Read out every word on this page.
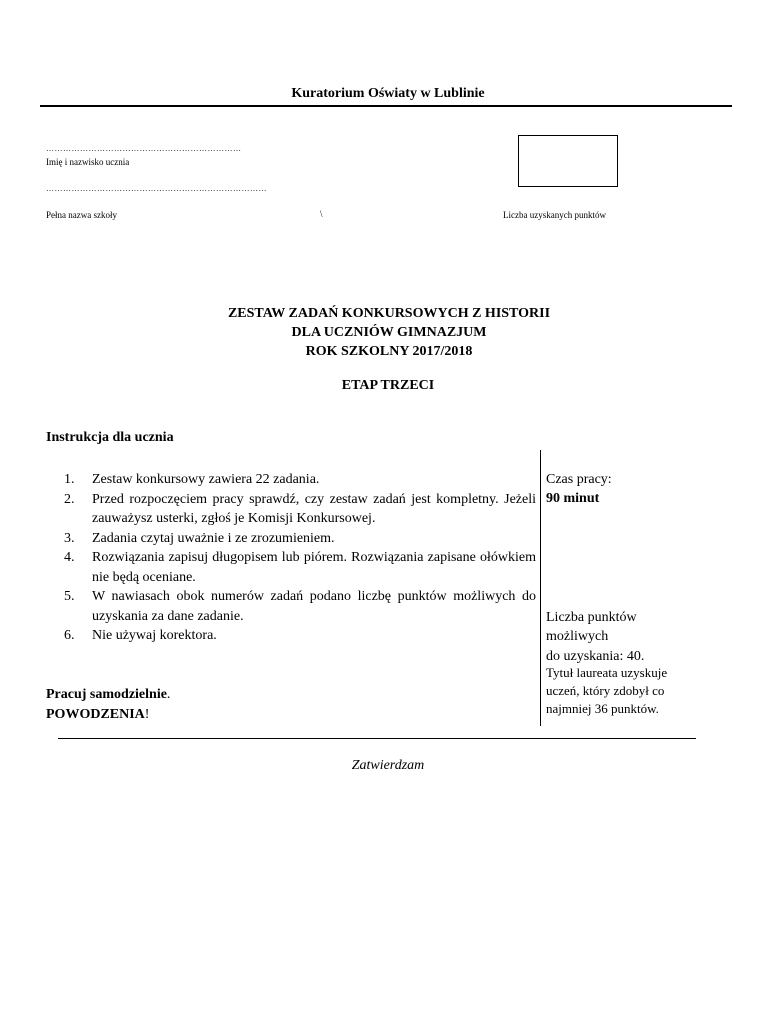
Kuratorium Oświaty w Lublinie
……………………………………………………………
Imię i nazwisko ucznia
……………………………………………………………………
Pełna nazwa szkoły	\	Liczba uzyskanych punktów
ZESTAW ZADAŃ KONKURSOWYCH Z HISTORII
DLA UCZNIÓW GIMNAZJUM
ROK SZKOLNY 2017/2018
ETAP TRZECI
Instrukcja dla ucznia
1. Zestaw konkursowy zawiera 22 zadania.
2. Przed rozpoczęciem pracy sprawdź, czy zestaw zadań jest kompletny. Jeżeli zauważysz usterki, zgłoś je Komisji Konkursowej.
3. Zadania czytaj uważnie i ze zrozumieniem.
4. Rozwiązania zapisuj długopisem lub piórem. Rozwiązania zapisane ołówkiem nie będą oceniane.
5. W nawiasach obok numerów zadań podano liczbę punktów możliwych do uzyskania za dane zadanie.
6. Nie używaj korektora.
Czas pracy:
90 minut
Liczba punktów
możliwych
do uzyskania: 40.
Tytuł laureata uzyskuje
uczeń, który zdobył co
najmniej 36 punktów.
Pracuj samodzielnie.
POWODZENIA!
Zatwierdzam
